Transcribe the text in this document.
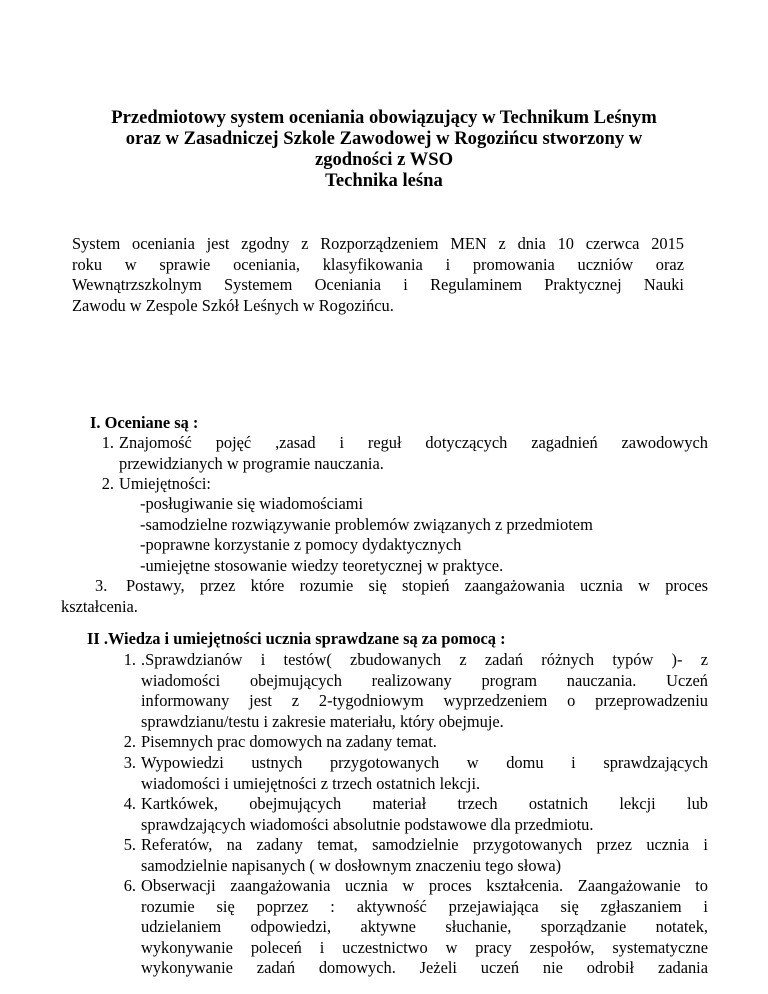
Przedmiotowy system oceniania obowiązujący w Technikum Leśnym
oraz w Zasadniczej Szkole Zawodowej w Rogozińcu stworzony w
zgodności z WSO
Technika leśna
System oceniania jest zgodny z Rozporządzeniem MEN z dnia 10 czerwca 2015
roku w sprawie oceniania, klasyfikowania i promowania uczniów oraz
Wewnątrzszkolnym Systemem Oceniania i Regulaminem Praktycznej Nauki
Zawodu w Zespole Szkół Leśnych w Rogozińcu.
I. Oceniane są :
1. Znajomość pojęć ,zasad i reguł dotyczących zagadnień zawodowych
przewidzianych w programie nauczania.
2. Umiejętności:
-posługiwanie się wiadomościami
-samodzielne rozwiązywanie problemów związanych z przedmiotem
-poprawne korzystanie z pomocy dydaktycznych
-umiejętne stosowanie wiedzy teoretycznej w praktyce.
3. Postawy, przez które rozumie się stopień zaangażowania ucznia w proces
kształcenia.
II .Wiedza i umiejętności ucznia sprawdzane są za pomocą :
1. .Sprawdzianów i testów( zbudowanych z zadań różnych typów )- z
wiadomości obejmujących realizowany program nauczania. Uczeń
informowany jest z 2-tygodniowym wyprzedzeniem o przeprowadzeniu
sprawdzianu/testu i zakresie materiału, który obejmuje.
2. Pisemnych prac domowych na zadany temat.
3. Wypowiedzi ustnych przygotowanych w domu i sprawdzających
wiadomości i umiejętności z trzech ostatnich lekcji.
4. Kartkówek, obejmujących materiał trzech ostatnich lekcji lub
sprawdzających wiadomości absolutnie podstawowe dla przedmiotu.
5. Referatów, na zadany temat, samodzielnie przygotowanych przez ucznia i
samodzielnie napisanych ( w dosłownym znaczeniu tego słowa)
6. Obserwacji zaangażowania ucznia w proces kształcenia. Zaangażowanie to
rozumie się poprzez : aktywność przejawiająca się zgłaszaniem i
udzielaniem odpowiedzi, aktywne słuchanie, sporządzanie notatek,
wykonywanie poleceń i uczestnictwo w pracy zespołów, systematyczne
wykonywanie zadań domowych. Jeżeli uczeń nie odrobił zadania
